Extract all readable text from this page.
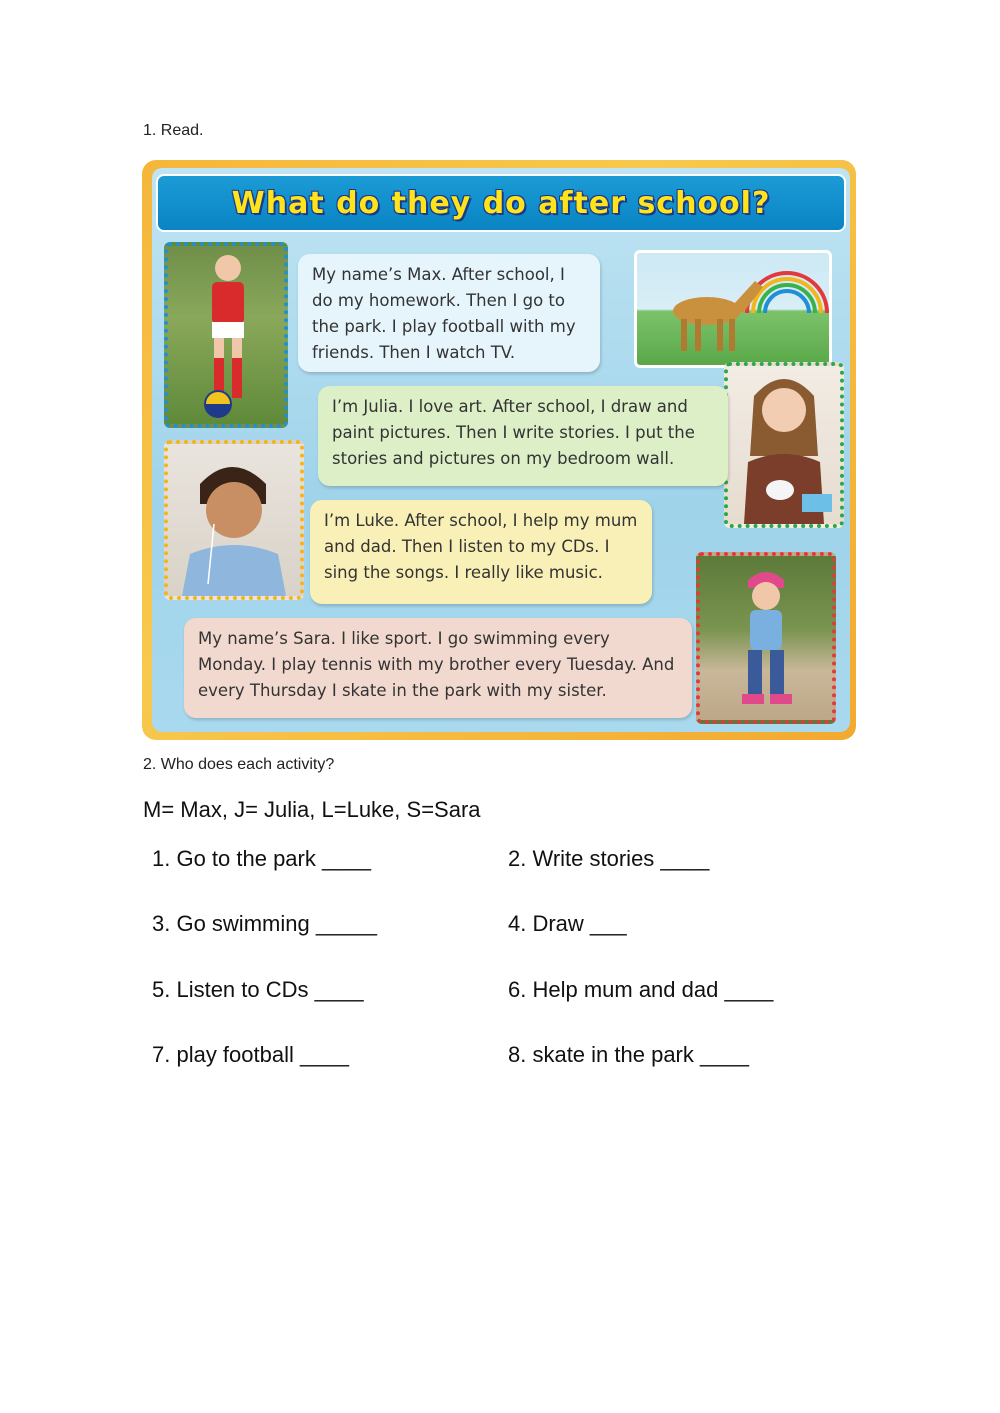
1. Read.
What do they do after school?
My name’s Max. After school, I do my homework. Then I go to the park. I play football with my friends. Then I watch TV.
I’m Julia. I love art. After school, I draw and paint pictures. Then I write stories. I put the stories and pictures on my bedroom wall.
I’m Luke. After school, I help my mum and dad. Then I listen to my CDs. I sing the songs. I really like music.
My name’s Sara. I like sport. I go swimming every Monday. I play tennis with my brother every Tuesday. And every Thursday I skate in the park with my sister.
2. Who does each activity?
M= Max, J= Julia, L=Luke, S=Sara
1. Go to the park ____	2. Write stories ____
3. Go swimming _____	4. Draw ___
5. Listen to CDs ____	6. Help mum and dad ____
7. play football ____	8. skate in the park ____
